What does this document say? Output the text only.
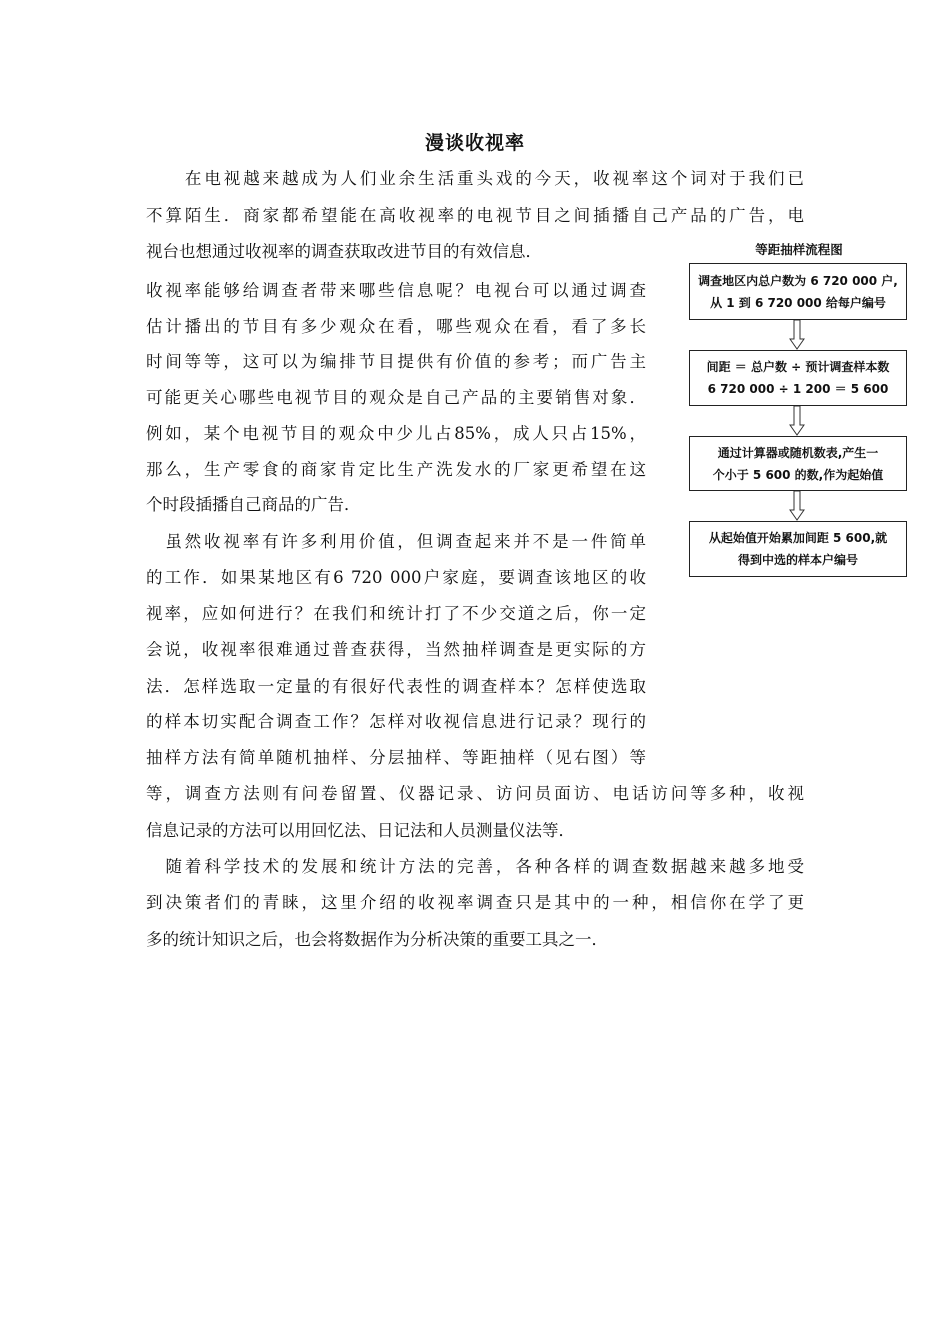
漫谈收视率
　　在电视越来越成为人们业余生活重头戏的今天，收视率这个词对于我们已
不算陌生．商家都希望能在高收视率的电视节目之间插播自己产品的广告，电
视台也想通过收视率的调查获取改进节目的有效信息．
收视率能够给调查者带来哪些信息呢？电视台可以通过调查
估计播出的节目有多少观众在看，哪些观众在看，看了多长
时间等等，这可以为编排节目提供有价值的参考；而广告主
可能更关心哪些电视节目的观众是自己产品的主要销售对象．
例如，某个电视节目的观众中少儿占85%，成人只占15%，
那么，生产零食的商家肯定比生产洗发水的厂家更希望在这
个时段插播自己商品的广告．
　虽然收视率有许多利用价值，但调查起来并不是一件简单
的工作．如果某地区有6 720 000户家庭，要调查该地区的收
视率，应如何进行？在我们和统计打了不少交道之后，你一定
会说，收视率很难通过普查获得，当然抽样调查是更实际的方
法．怎样选取一定量的有很好代表性的调查样本？怎样使选取
的样本切实配合调查工作？怎样对收视信息进行记录？现行的
抽样方法有简单随机抽样、分层抽样、等距抽样（见右图）等
等，调查方法则有问卷留置、仪器记录、访问员面访、电话访问等多种，收视
信息记录的方法可以用回忆法、日记法和人员测量仪法等．
　随着科学技术的发展和统计方法的完善，各种各样的调查数据越来越多地受
到决策者们的青睐，这里介绍的收视率调查只是其中的一种，相信你在学了更
多的统计知识之后，也会将数据作为分析决策的重要工具之一．
等距抽样流程图
调查地区内总户数为 6 720 000 户,
从 1 到 6 720 000 给每户编号
间距 ＝ 总户数 ÷ 预计调查样本数
6 720 000 ÷ 1 200 ＝ 5 600
通过计算器或随机数表,产生一
个小于 5 600 的数,作为起始值
从起始值开始累加间距 5 600,就
得到中选的样本户编号
